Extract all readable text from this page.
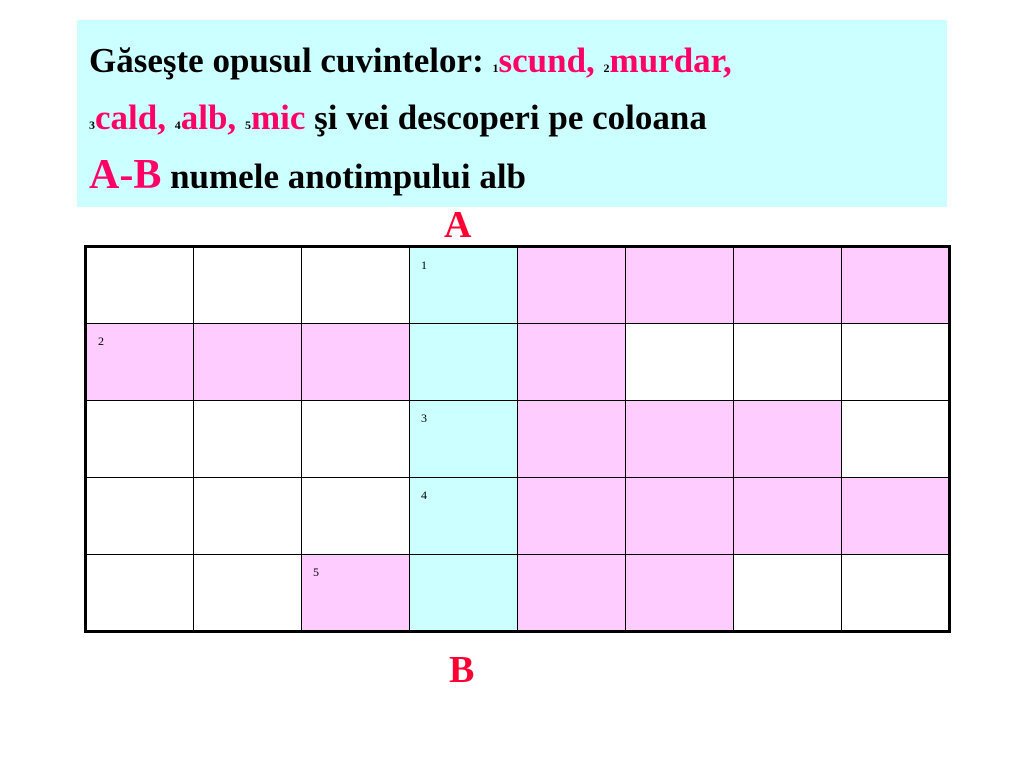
Găseşte opusul cuvintelor: 1scund, 2murdar,
3cald, 4alb, 5mic şi vei descoperi pe coloana
A-B numele anotimpului alb
A

			1				

2							

			3				

			4				

		5					

B
